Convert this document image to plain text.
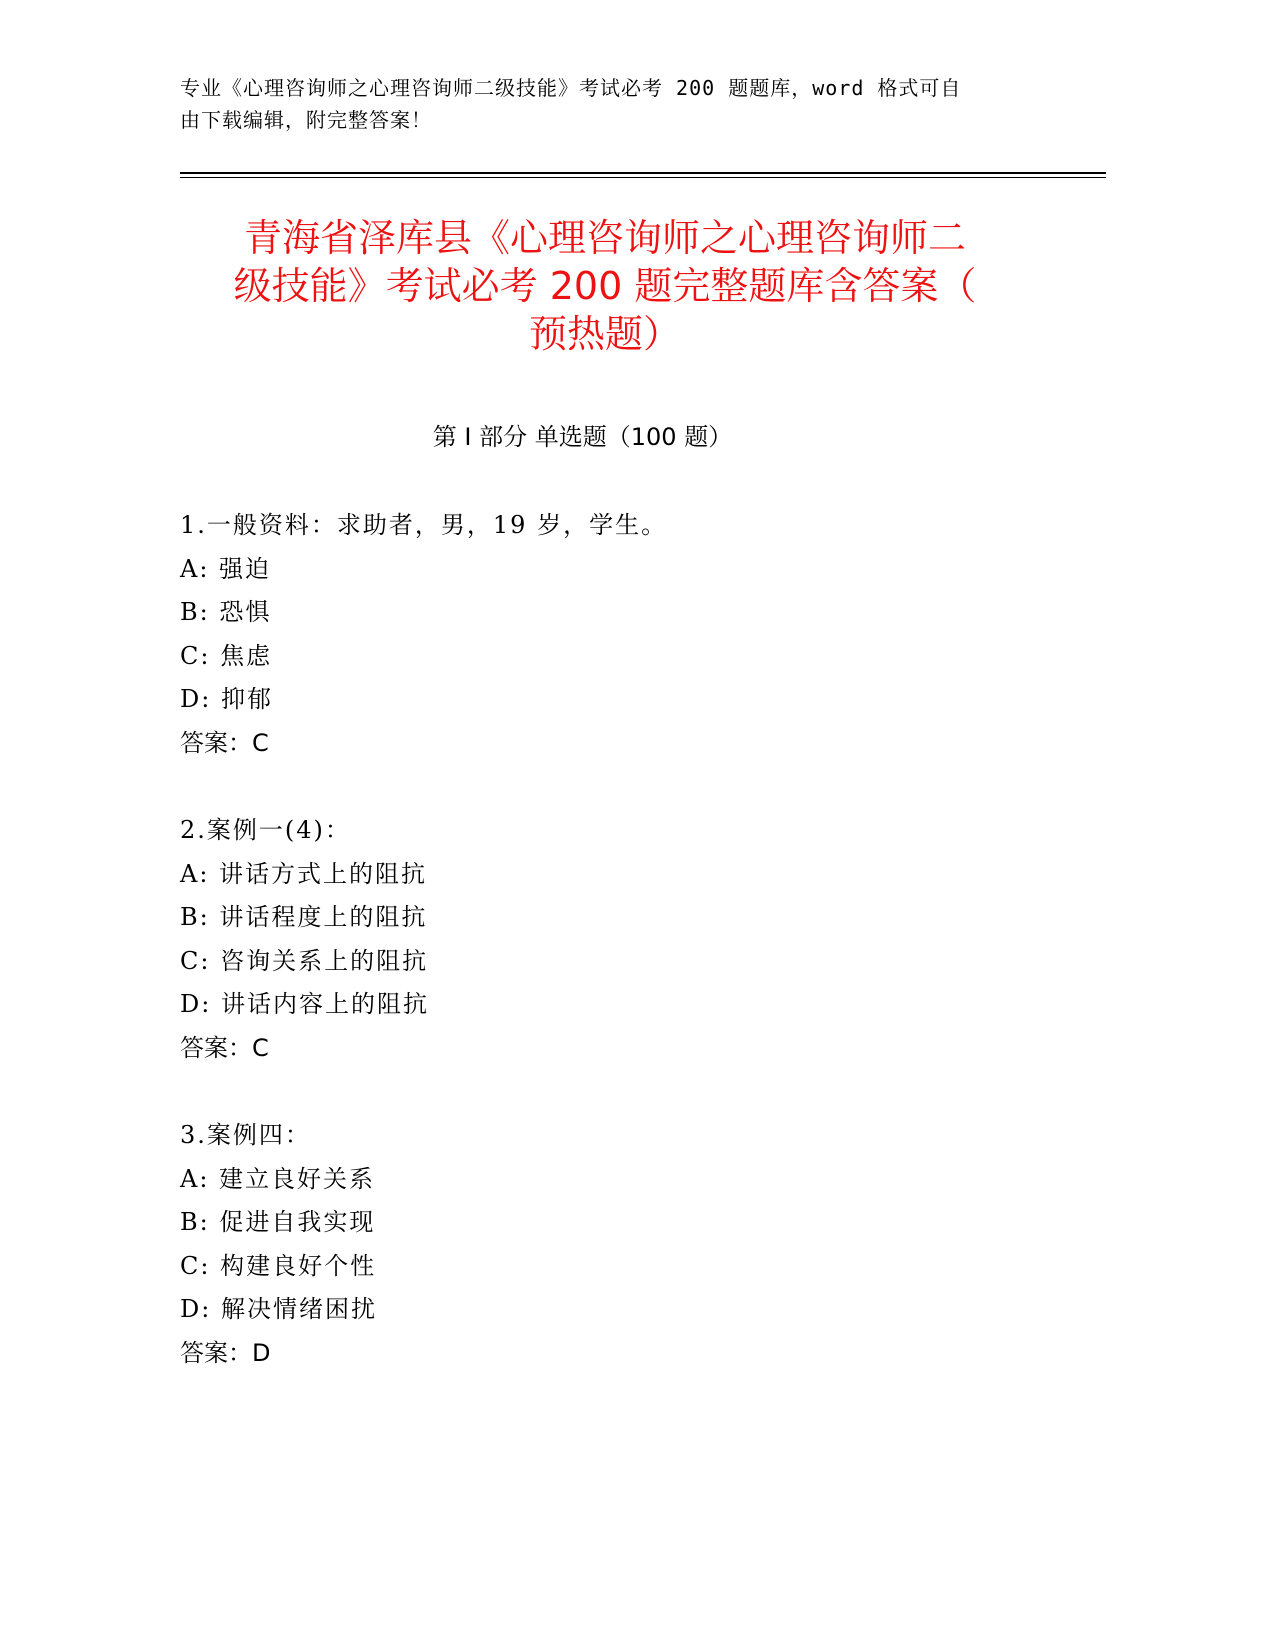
专业《心理咨询师之心理咨询师二级技能》考试必考 200 题题库，word 格式可自
由下载编辑，附完整答案！
青海省泽库县《心理咨询师之心理咨询师二
级技能》考试必考 200 题完整题库含答案（
预热题）
第 I 部分 单选题（100 题）
1.一般资料：求助者，男，19 岁，学生。
A: 强迫
B: 恐惧
C: 焦虑
D: 抑郁
答案：C
2.案例一(4)：
A: 讲话方式上的阻抗
B: 讲话程度上的阻抗
C: 咨询关系上的阻抗
D: 讲话内容上的阻抗
答案：C
3.案例四：
A: 建立良好关系
B: 促进自我实现
C: 构建良好个性
D: 解决情绪困扰
答案：D
